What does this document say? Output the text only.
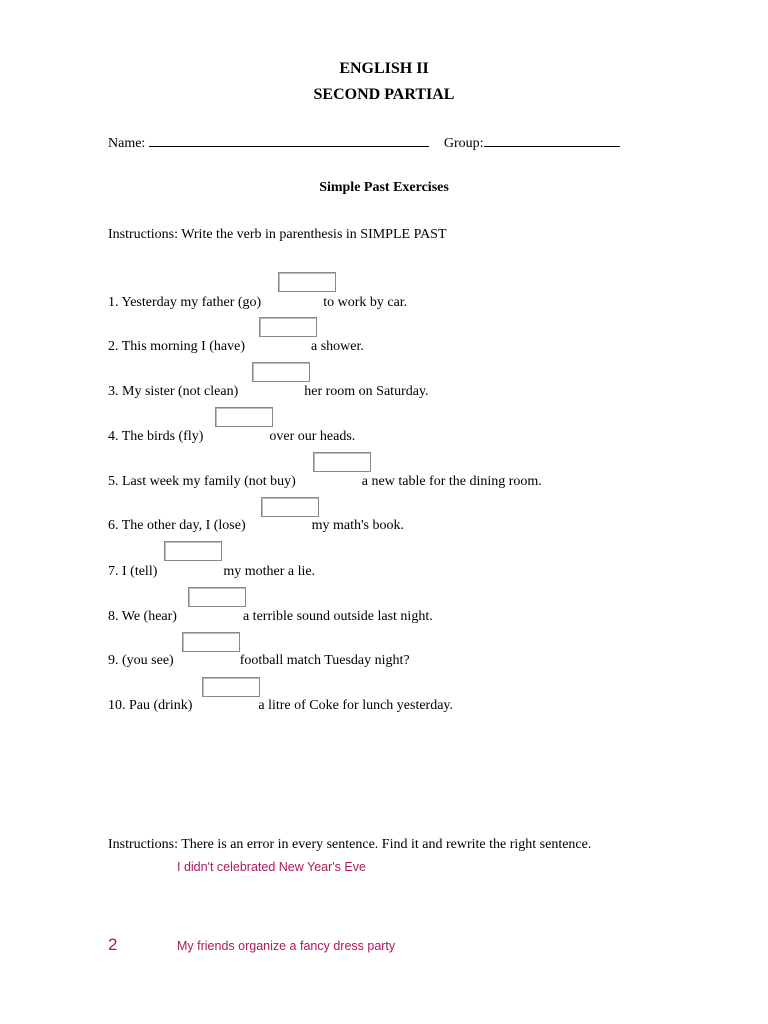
ENGLISH II
SECOND PARTIAL
Name:	Group:
Simple Past Exercises
Instructions: Write the verb in parenthesis in SIMPLE PAST
1. Yesterday my father (go)	to work by car.
2. This morning I (have)	a shower.
3. My sister (not clean)	her room on Saturday.
4. The birds (fly)	over our heads.
5. Last week my family (not buy)	a new table for the dining room.
6. The other day, I (lose)	my math's book.
7. I (tell)	my mother a lie.
8. We (hear)	a terrible sound outside last night.
9. (you see)	football match Tuesday night?
10. Pau (drink)	a litre of Coke for lunch yesterday.
Instructions: There is an error in every sentence. Find it and rewrite the right sentence.
I didn't celebrated New Year's Eve
2	My friends organize a fancy dress party
